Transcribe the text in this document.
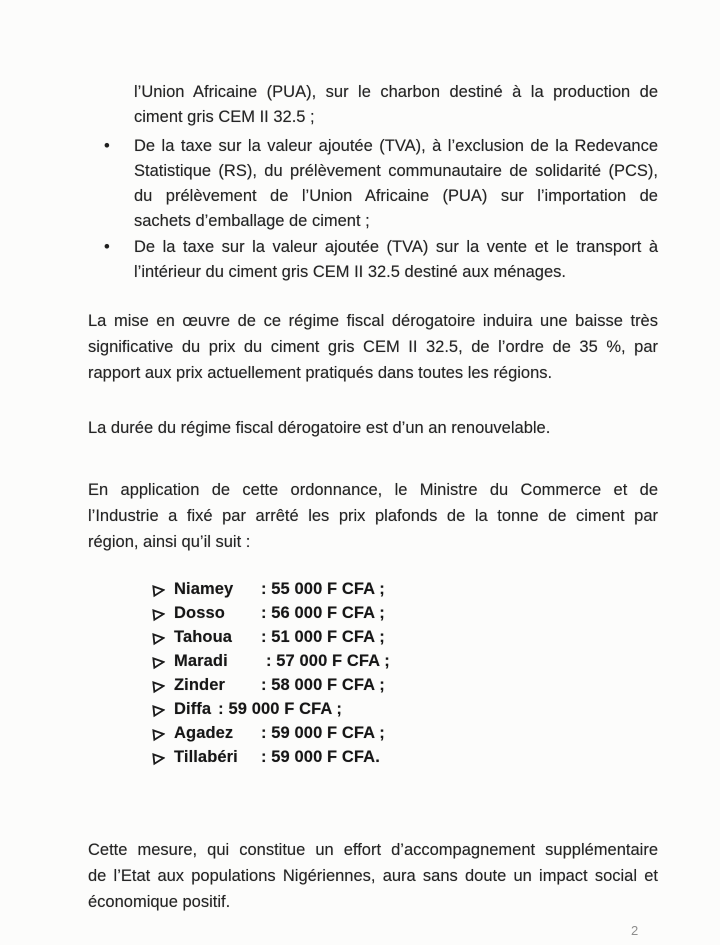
l’Union Africaine (PUA), sur le charbon destiné à la production de
ciment gris CEM II 32.5 ;
•	De la taxe sur la valeur ajoutée (TVA), à l’exclusion de la Redevance
Statistique (RS), du prélèvement communautaire de solidarité (PCS),
du prélèvement de l’Union Africaine (PUA) sur l’importation de
sachets d’emballage de ciment ;
•	De la taxe sur la valeur ajoutée (TVA) sur la vente et le transport à
l’intérieur du ciment gris CEM II 32.5 destiné aux ménages.
La mise en œuvre de ce régime fiscal dérogatoire induira une baisse très
significative du prix du ciment gris CEM II 32.5, de l’ordre de 35 %, par
rapport aux prix actuellement pratiqués dans toutes les régions.
La durée du régime fiscal dérogatoire est d’un an renouvelable.
En application de cette ordonnance, le Ministre du Commerce et de
l’Industrie a fixé par arrêté les prix plafonds de la tonne de ciment par
région, ainsi qu’il suit :
Niamey	: 55 000 F CFA ;
Dosso	: 56 000 F CFA ;
Tahoua	: 51 000 F CFA ;
Maradi	: 57 000 F CFA ;
Zinder	: 58 000 F CFA ;
Diffa : 59 000 F CFA ;
Agadez	: 59 000 F CFA ;
Tillabéri	: 59 000 F CFA.
Cette mesure, qui constitue un effort d’accompagnement supplémentaire
de l’Etat aux populations Nigériennes, aura sans doute un impact social et
économique positif.
2
